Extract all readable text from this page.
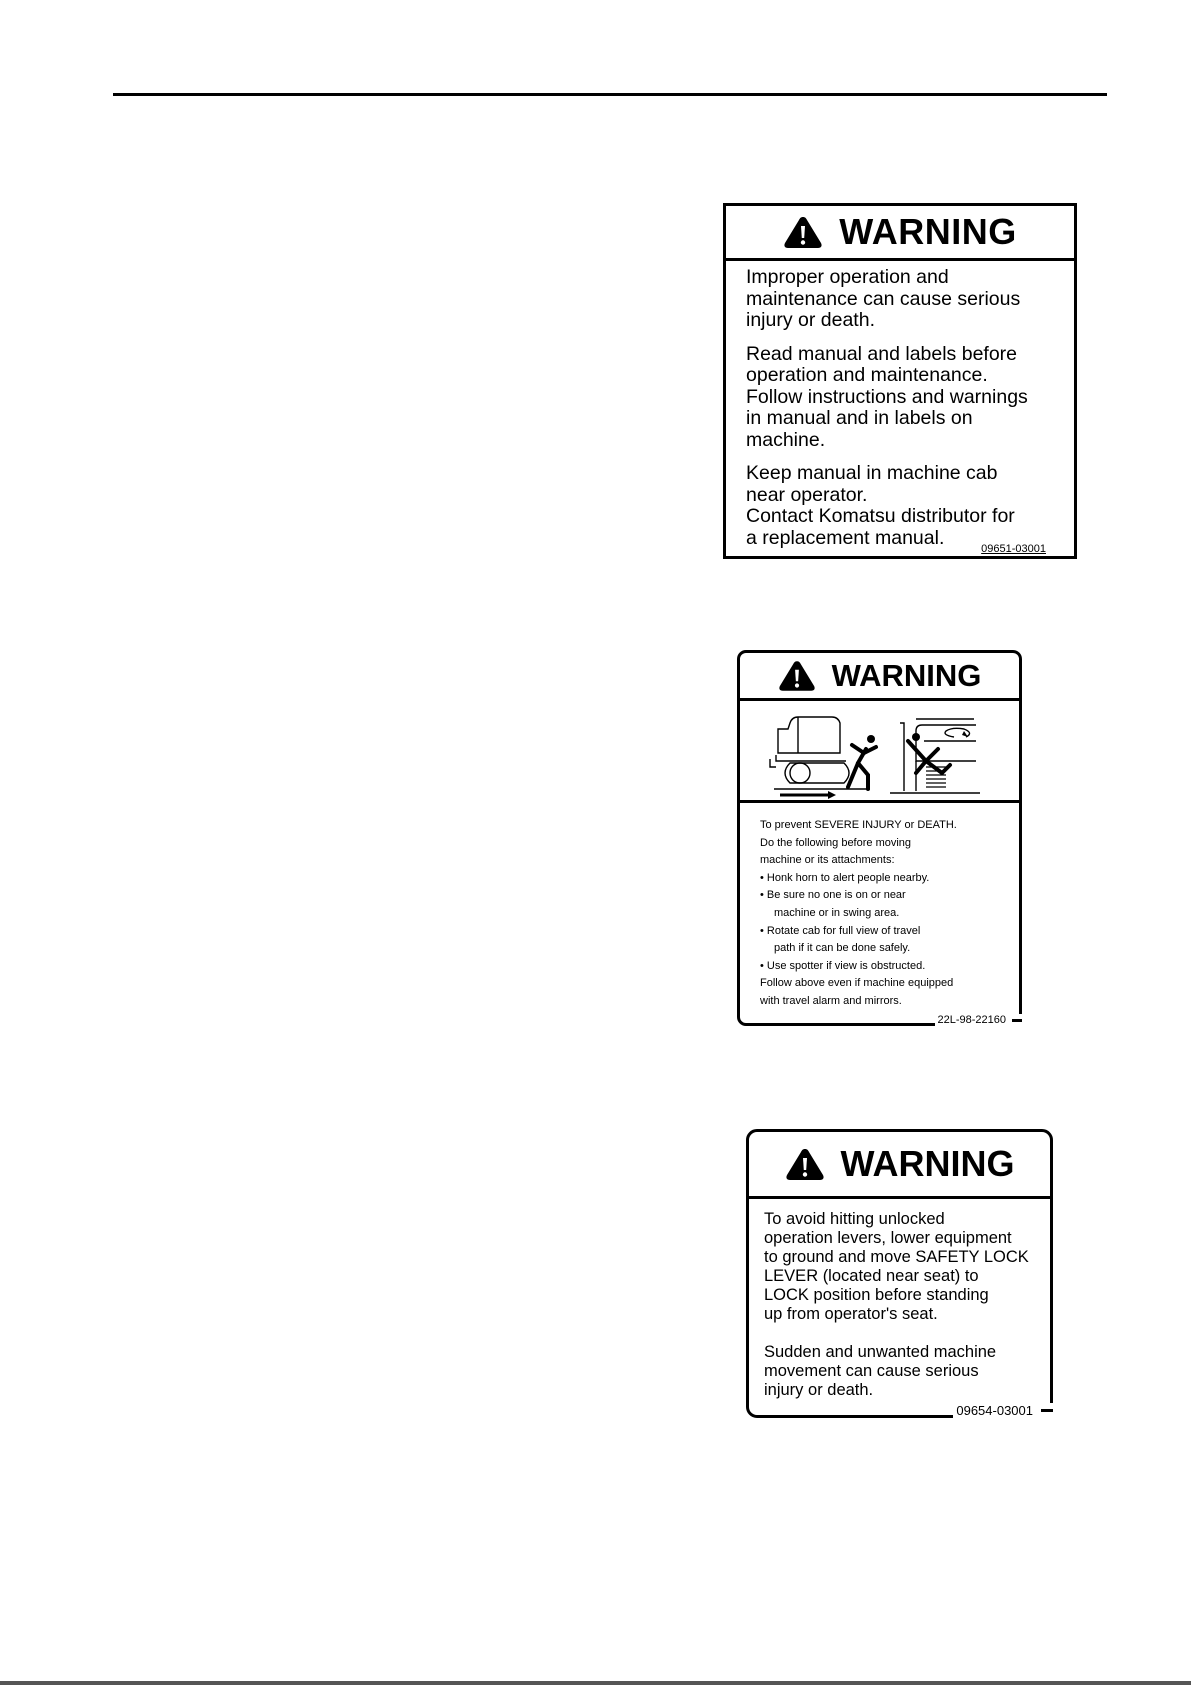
WARNING

Improper operation and
maintenance can cause serious
injury or death.

Read manual and labels before
operation and maintenance.
Follow instructions and warnings
in manual and in labels on
machine.

Keep manual in machine cab
near operator.
Contact Komatsu distributor for
a replacement manual.

09651-03001
WARNING
To prevent SEVERE INJURY or DEATH.
Do the following before moving
machine or its attachments:
• Honk horn to alert people nearby.
• Be sure no one is on or near
machine or in swing area.
• Rotate cab for full view of travel
path if it can be done safely.
• Use spotter if view is obstructed.
Follow above even if machine equipped
with travel alarm and mirrors.
22L-98-22160
WARNING

To avoid hitting unlocked
operation levers, lower equipment
to ground and move SAFETY LOCK
LEVER (located near seat) to
LOCK position before standing
up from operator's seat.

Sudden and unwanted machine
movement can cause serious
injury or death.

09654-03001
